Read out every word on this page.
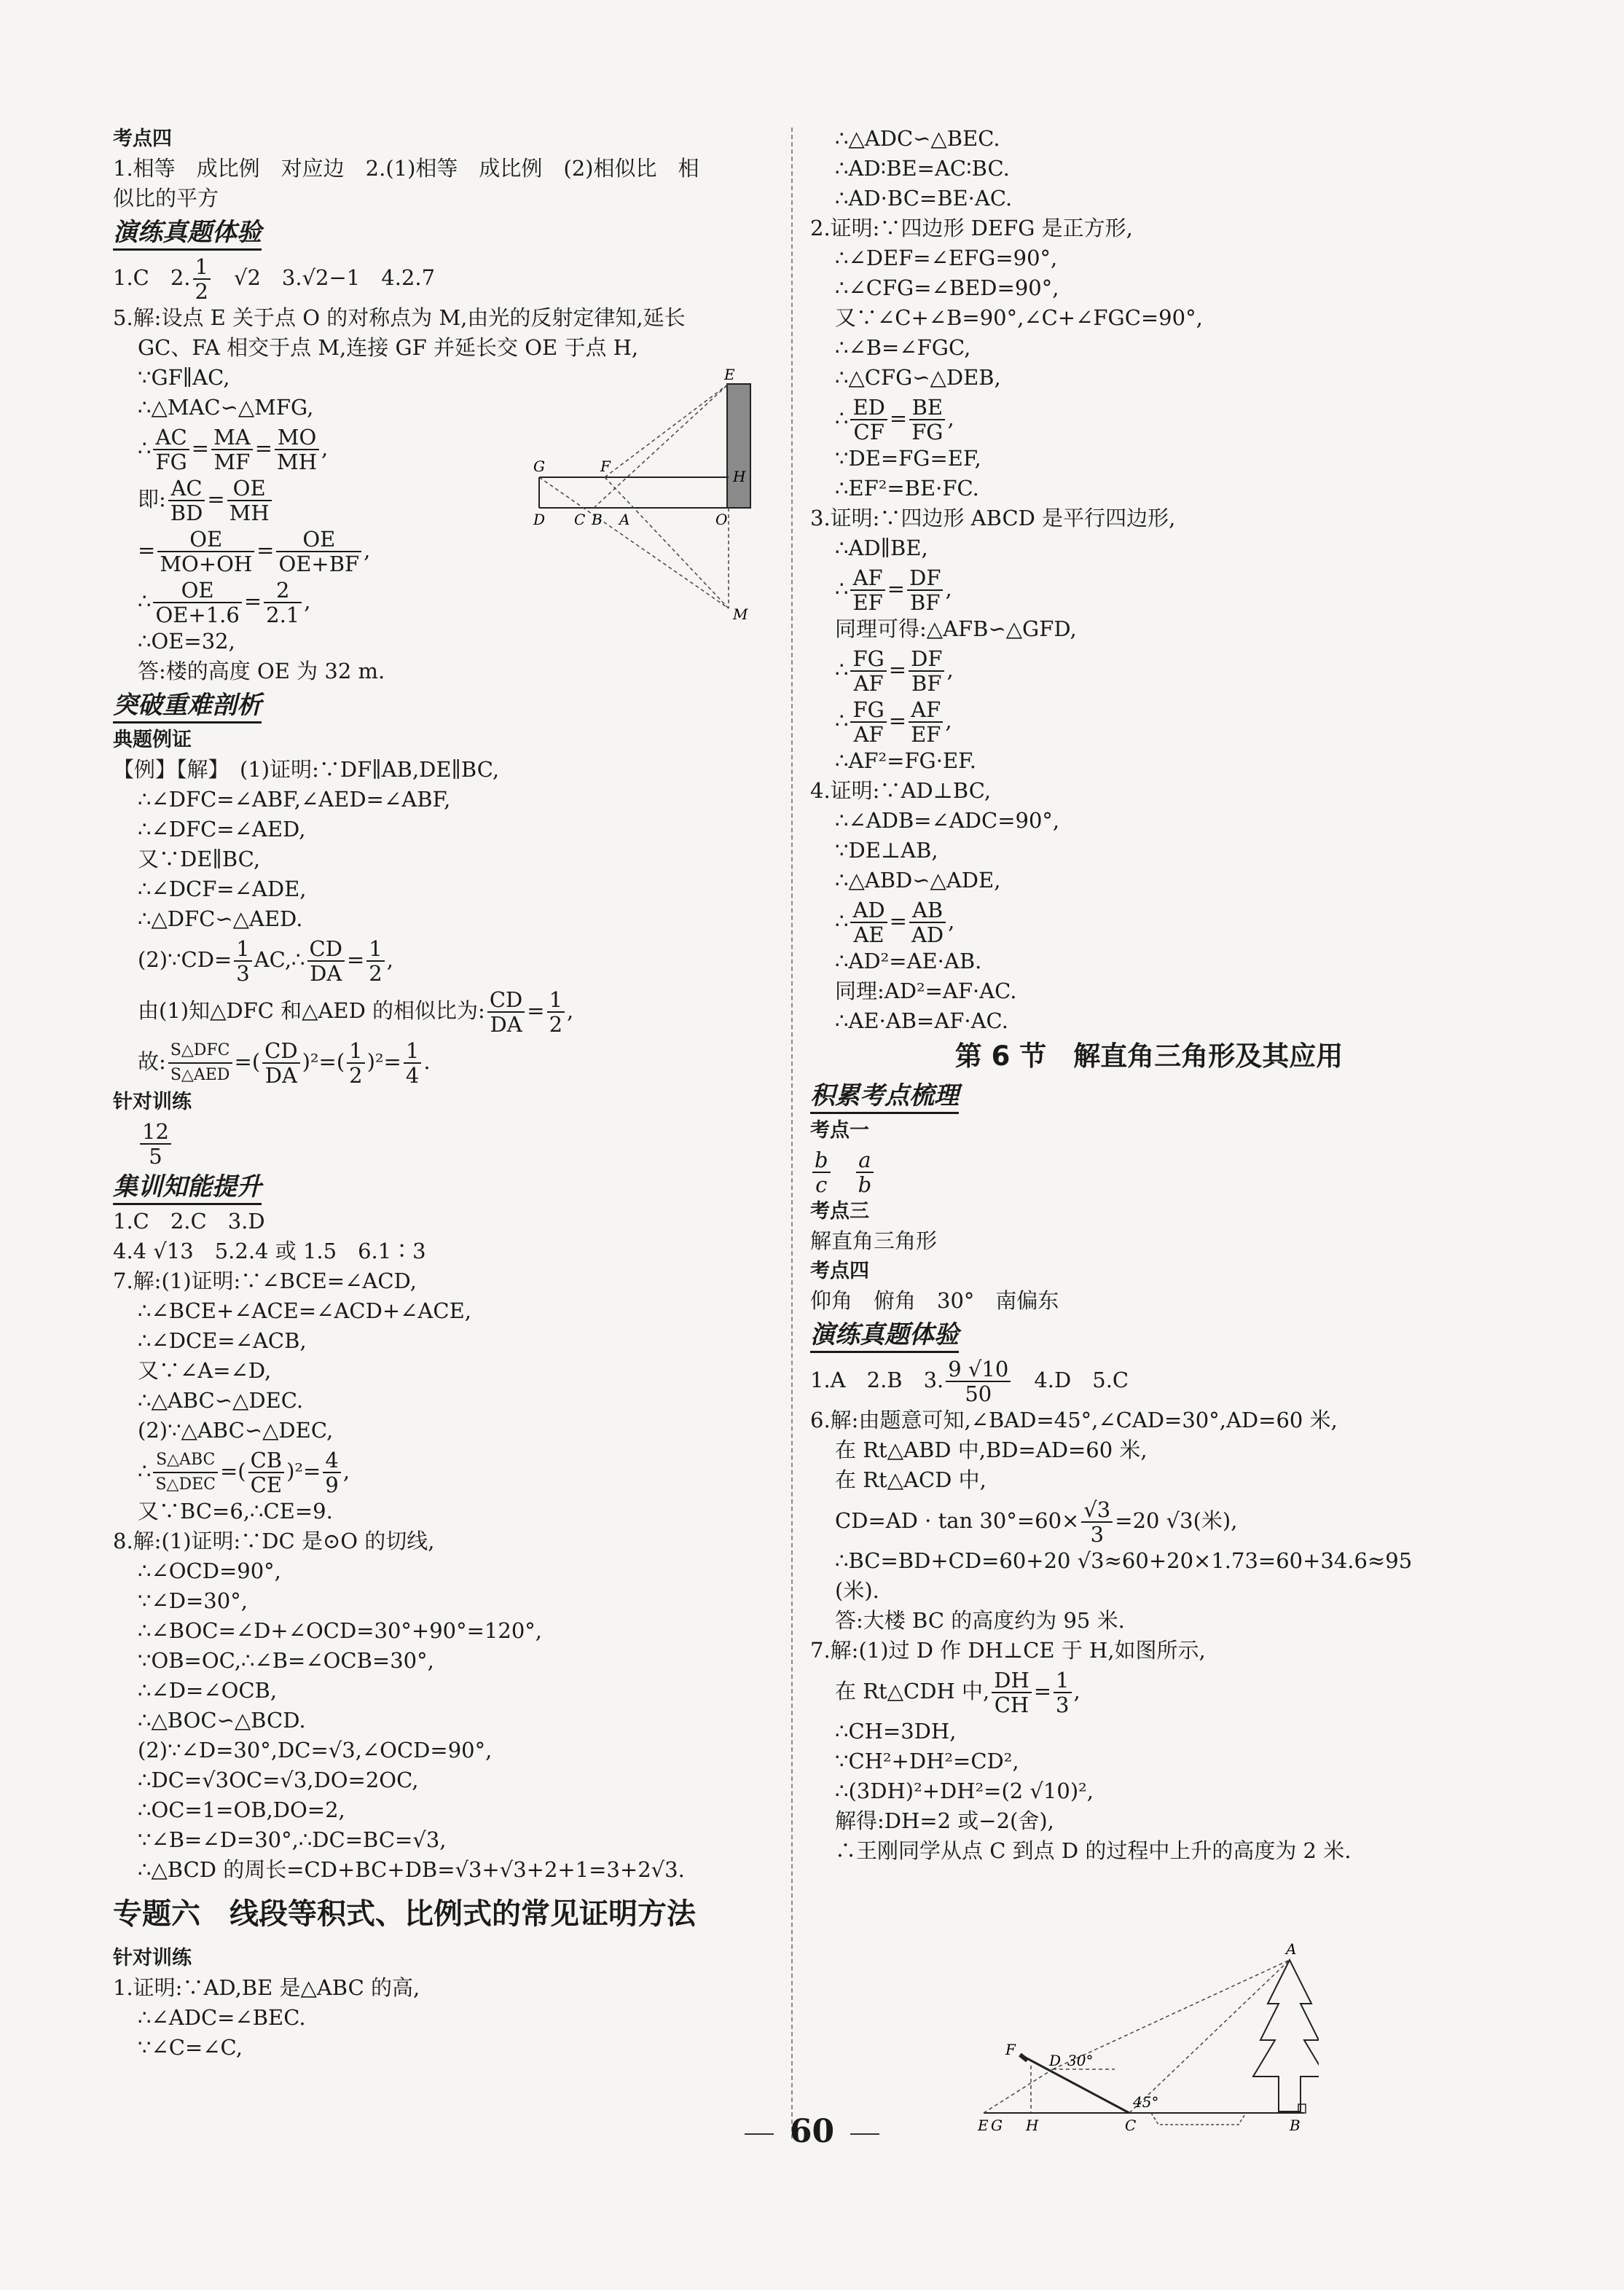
考点四
1.相等　成比例　对应边　2.(1)相等　成比例　(2)相似比　相
似比的平方
演练真题体验
1.C　2. $\frac{1}{2}$ 　√2　3.√2−1　4.2.7
5.解:设点 E 关于点 O 的对称点为 M,由光的反射定律知,延长
GC、FA 相交于点 M,连接 GF 并延长交 OE 于点 H,
∵GF∥AC,
∴△MAC∽△MFG,
∴ $\frac{AC}{FG} = \frac{MA}{MF} = \frac{MO}{MH}$ ,
即: $\frac{AC}{BD} = \frac{OE}{MH}$
= $\frac{OE}{MO+OH} = \frac{OE}{OE+BF}$ ,
∴ $\frac{OE}{OE+1.6} = \frac{2}{2.1}$ ,
∴OE=32,
答:楼的高度 OE 为 32 m.
突破重难剖析
典题例证
【例】【解】　(1)证明:∵DF∥AB,DE∥BC,
∴∠DFC=∠ABF,∠AED=∠ABF,
∴∠DFC=∠AED,
又∵DE∥BC,
∴∠DCF=∠ADE,
∴△DFC∽△AED.
(2)∵CD= $\frac{1}{3}$ AC,∴ $\frac{CD}{DA} = \frac{1}{2}$ ,
由(1)知△DFC 和△AED 的相似比为: $\frac{CD}{DA} = \frac{1}{2}$ ,
故: $\frac{\text{S△DFC}}{\text{S△AED}}$ =( $\frac{CD}{DA} )^2=( \frac{1}{2} )^2= \frac{1}{4}$ .
针对训练
$\frac{12}{5}$
集训知能提升
1.C　2.C　3.D
4.4 √13　5.2.4 或 1.5　6.1∶3
7.解:(1)证明:∵∠BCE=∠ACD,
∴∠BCE+∠ACE=∠ACD+∠ACE,
∴∠DCE=∠ACB,
又∵∠A=∠D,
∴△ABC∽△DEC.
(2)∵△ABC∽△DEC,
∴ $\frac{\text{S△ABC}}{\text{S△DEC}}$ =( $\frac{CB}{CE} )^2= \frac{4}{9}$ ,
又∵BC=6,∴CE=9.
8.解:(1)证明:∵DC 是⊙O 的切线,
∴∠OCD=90°,
∵∠D=30°,
∴∠BOC=∠D+∠OCD=30°+90°=120°,
∵OB=OC,∴∠B=∠OCB=30°,
∴∠D=∠OCB,
∴△BOC∽△BCD.
(2)∵∠D=30°,DC=√3,∠OCD=90°,
∴DC=√3OC=√3,DO=2OC,
∴OC=1=OB,DO=2,
∵∠B=∠D=30°,∴DC=BC=√3,
∴△BCD 的周长=CD+BC+DB=√3+√3+2+1=3+2√3.
专题六　线段等积式、比例式的常见证明方法
针对训练
1.证明:∵AD,BE 是△ABC 的高,
∴∠ADC=∠BEC.
∵∠C=∠C,
E
G	F
H
D C B A	O
M
∴△ADC∽△BEC.
∴AD∶BE=AC∶BC.
∴AD·BC=BE·AC.
2.证明:∵四边形 DEFG 是正方形,
∴∠DEF=∠EFG=90°,
∴∠CFG=∠BED=90°,
又∵∠C+∠B=90°,∠C+∠FGC=90°,
∴∠B=∠FGC,
∴△CFG∽△DEB,
∴ $\frac{ED}{CF} = \frac{BE}{FG}$ ,
∵DE=FG=EF,
∴EF²=BE·FC.
3.证明:∵四边形 ABCD 是平行四边形,
∴AD∥BE,
∴ $\frac{AF}{EF} = \frac{DF}{BF}$ ,
同理可得:△AFB∽△GFD,
∴ $\frac{FG}{AF} = \frac{DF}{BF}$ ,
∴ $\frac{FG}{AF} = \frac{AF}{EF}$ ,
∴AF²=FG·EF.
4.证明:∵AD⊥BC,
∴∠ADB=∠ADC=90°,
∵DE⊥AB,
∴△ABD∽△ADE,
∴ $\frac{AD}{AE} = \frac{AB}{AD}$ ,
∴AD²=AE·AB.
同理:AD²=AF·AC.
∴AE·AB=AF·AC.
第 6 节　解直角三角形及其应用
积累考点梳理
考点一
$\frac{b}{c}$
　 $\frac{a}{b}$
考点三
解直角三角形
考点四
仰角　俯角　30°　南偏东
演练真题体验
1.A　2.B　3. $\frac{9 √10}{50}$ 　4.D　5.C
6.解:由题意可知,∠BAD=45°,∠CAD=30°,AD=60 米,
在 Rt△ABD 中,BD=AD=60 米,
在 Rt△ACD 中,
$CD=AD \cdot \tan 30^\circ=60\times \frac{√3}{3} =20$ √3(米),
∴BC=BD+CD=60+20 √3≈60+20×1.73=60+34.6≈95
(米).
答:大楼 BC 的高度约为 95 米.
7.解:(1)过 D 作 DH⊥CE 于 H,如图所示,
在 Rt△CDH 中, $\frac{DH}{CH} = \frac{1}{3}$ ,
∴CH=3DH,
∵CH²+DH²=CD²,
∴(3DH)²+DH²=(2 √10)²,
解得:DH=2 或−2(舍),
∴王刚同学从点 C 到点 D 的过程中上升的高度为 2 米.
A
F
D 30°
45°
E G H	C	B
60
